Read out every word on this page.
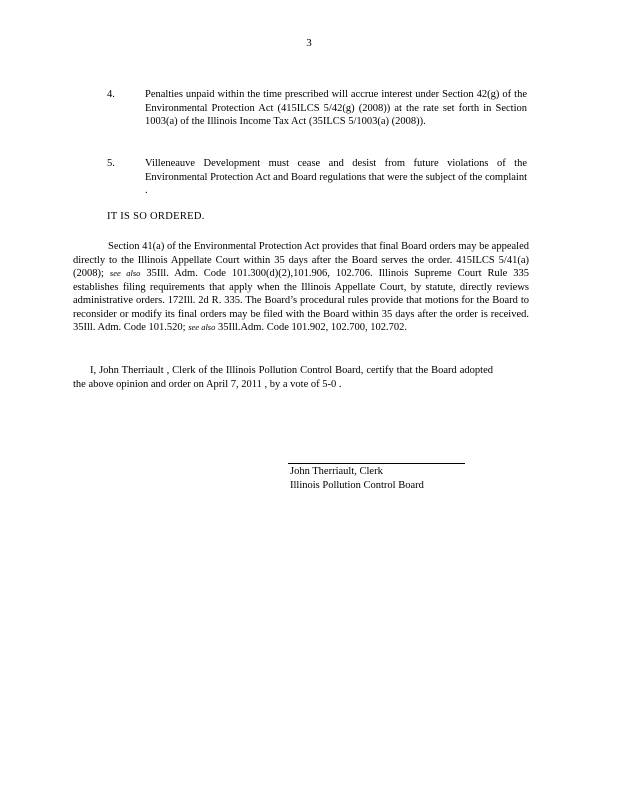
3
4.	Penalties unpaid within the time prescribed will accrue interest under Section 42(g) of the Environmental Protection Act (415ILCS 5/42(g) (2008)) at the rate set forth in Section 1003(a) of the Illinois Income Tax Act (35ILCS 5/1003(a) (2008)).
5.	Villeneauve Development must cease and desist from future violations of the Environmental Protection Act and Board regulations that were the subject of the complaint .
IT IS SO ORDERED.
Section 41(a) of the Environmental Protection Act provides that final Board orders may be appealed directly to the Illinois Appellate Court within 35 days after the Board serves the order. 415ILCS 5/41(a) (2008); see also 35Ill. Adm. Code 101.300(d)(2),101.906, 102.706. Illinois Supreme Court Rule 335 establishes filing requirements that apply when the Illinois Appellate Court, by statute, directly reviews administrative orders. 172Ill. 2d R. 335. The Board’s procedural rules provide that motions for the Board to reconsider or modify its final orders may be filed with the Board within 35 days after the order is received. 35Ill. Adm. Code 101.520; see also 35Ill.Adm. Code 101.902, 102.700, 102.702.
I, John Therriault , Clerk of the Illinois Pollution Control Board, certify that the Board adopted the above opinion and order on April 7, 2011 , by a vote of 5-0 .
John Therriault, Clerk
Illinois Pollution Control Board
